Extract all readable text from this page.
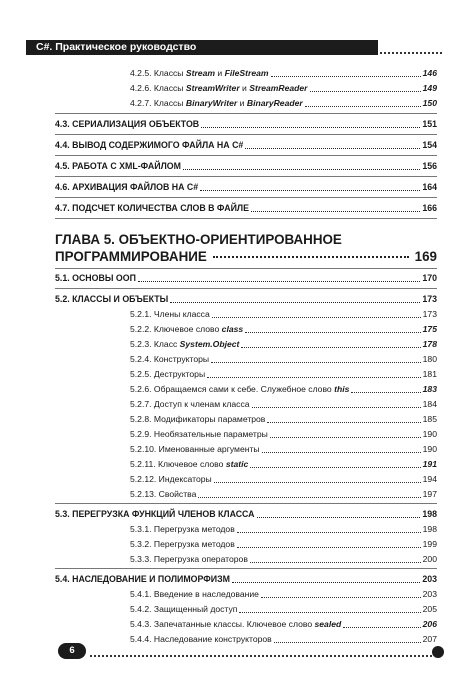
C#. Практическое руководство
4.2.5. Классы Stream и FileStream	146
4.2.6. Классы StreamWriter и StreamReader	149
4.2.7. Классы BinaryWriter и BinaryReader	150
4.3. СЕРИАЛИЗАЦИЯ ОБЪЕКТОВ	151
4.4. ВЫВОД СОДЕРЖИМОГО ФАЙЛА НА C#	154
4.5. РАБОТА С XML-ФАЙЛОМ	156
4.6. АРХИВАЦИЯ ФАЙЛОВ НА C#	164
4.7. ПОДСЧЕТ КОЛИЧЕСТВА СЛОВ В ФАЙЛЕ	166
ГЛАВА 5. ОБЪЕКТНО-ОРИЕНТИРОВАННОЕ
ПРОГРАММИРОВАНИЕ	169
5.1. ОСНОВЫ ООП	170
5.2. КЛАССЫ И ОБЪЕКТЫ	173
5.2.1. Члены класса	173
5.2.2. Ключевое слово class	175
5.2.3. Класс System.Object	178
5.2.4. Конструкторы	180
5.2.5. Деструкторы	181
5.2.6. Обращаемся сами к себе. Служебное слово this	183
5.2.7. Доступ к членам класса	184
5.2.8. Модификаторы параметров	185
5.2.9. Необязательные параметры	190
5.2.10. Именованные аргументы	190
5.2.11. Ключевое слово static	191
5.2.12. Индексаторы	194
5.2.13. Свойства	197
5.3. ПЕРЕГРУЗКА ФУНКЦИЙ ЧЛЕНОВ КЛАССА	198
5.3.1. Перегрузка методов	198
5.3.2. Перегрузка методов	199
5.3.3. Перегрузка операторов	200
5.4. НАСЛЕДОВАНИЕ И ПОЛИМОРФИЗМ	203
5.4.1. Введение в наследование	203
5.4.2. Защищенный доступ	205
5.4.3. Запечатанные классы. Ключевое слово sealed	206
5.4.4. Наследование конструкторов	207
6
